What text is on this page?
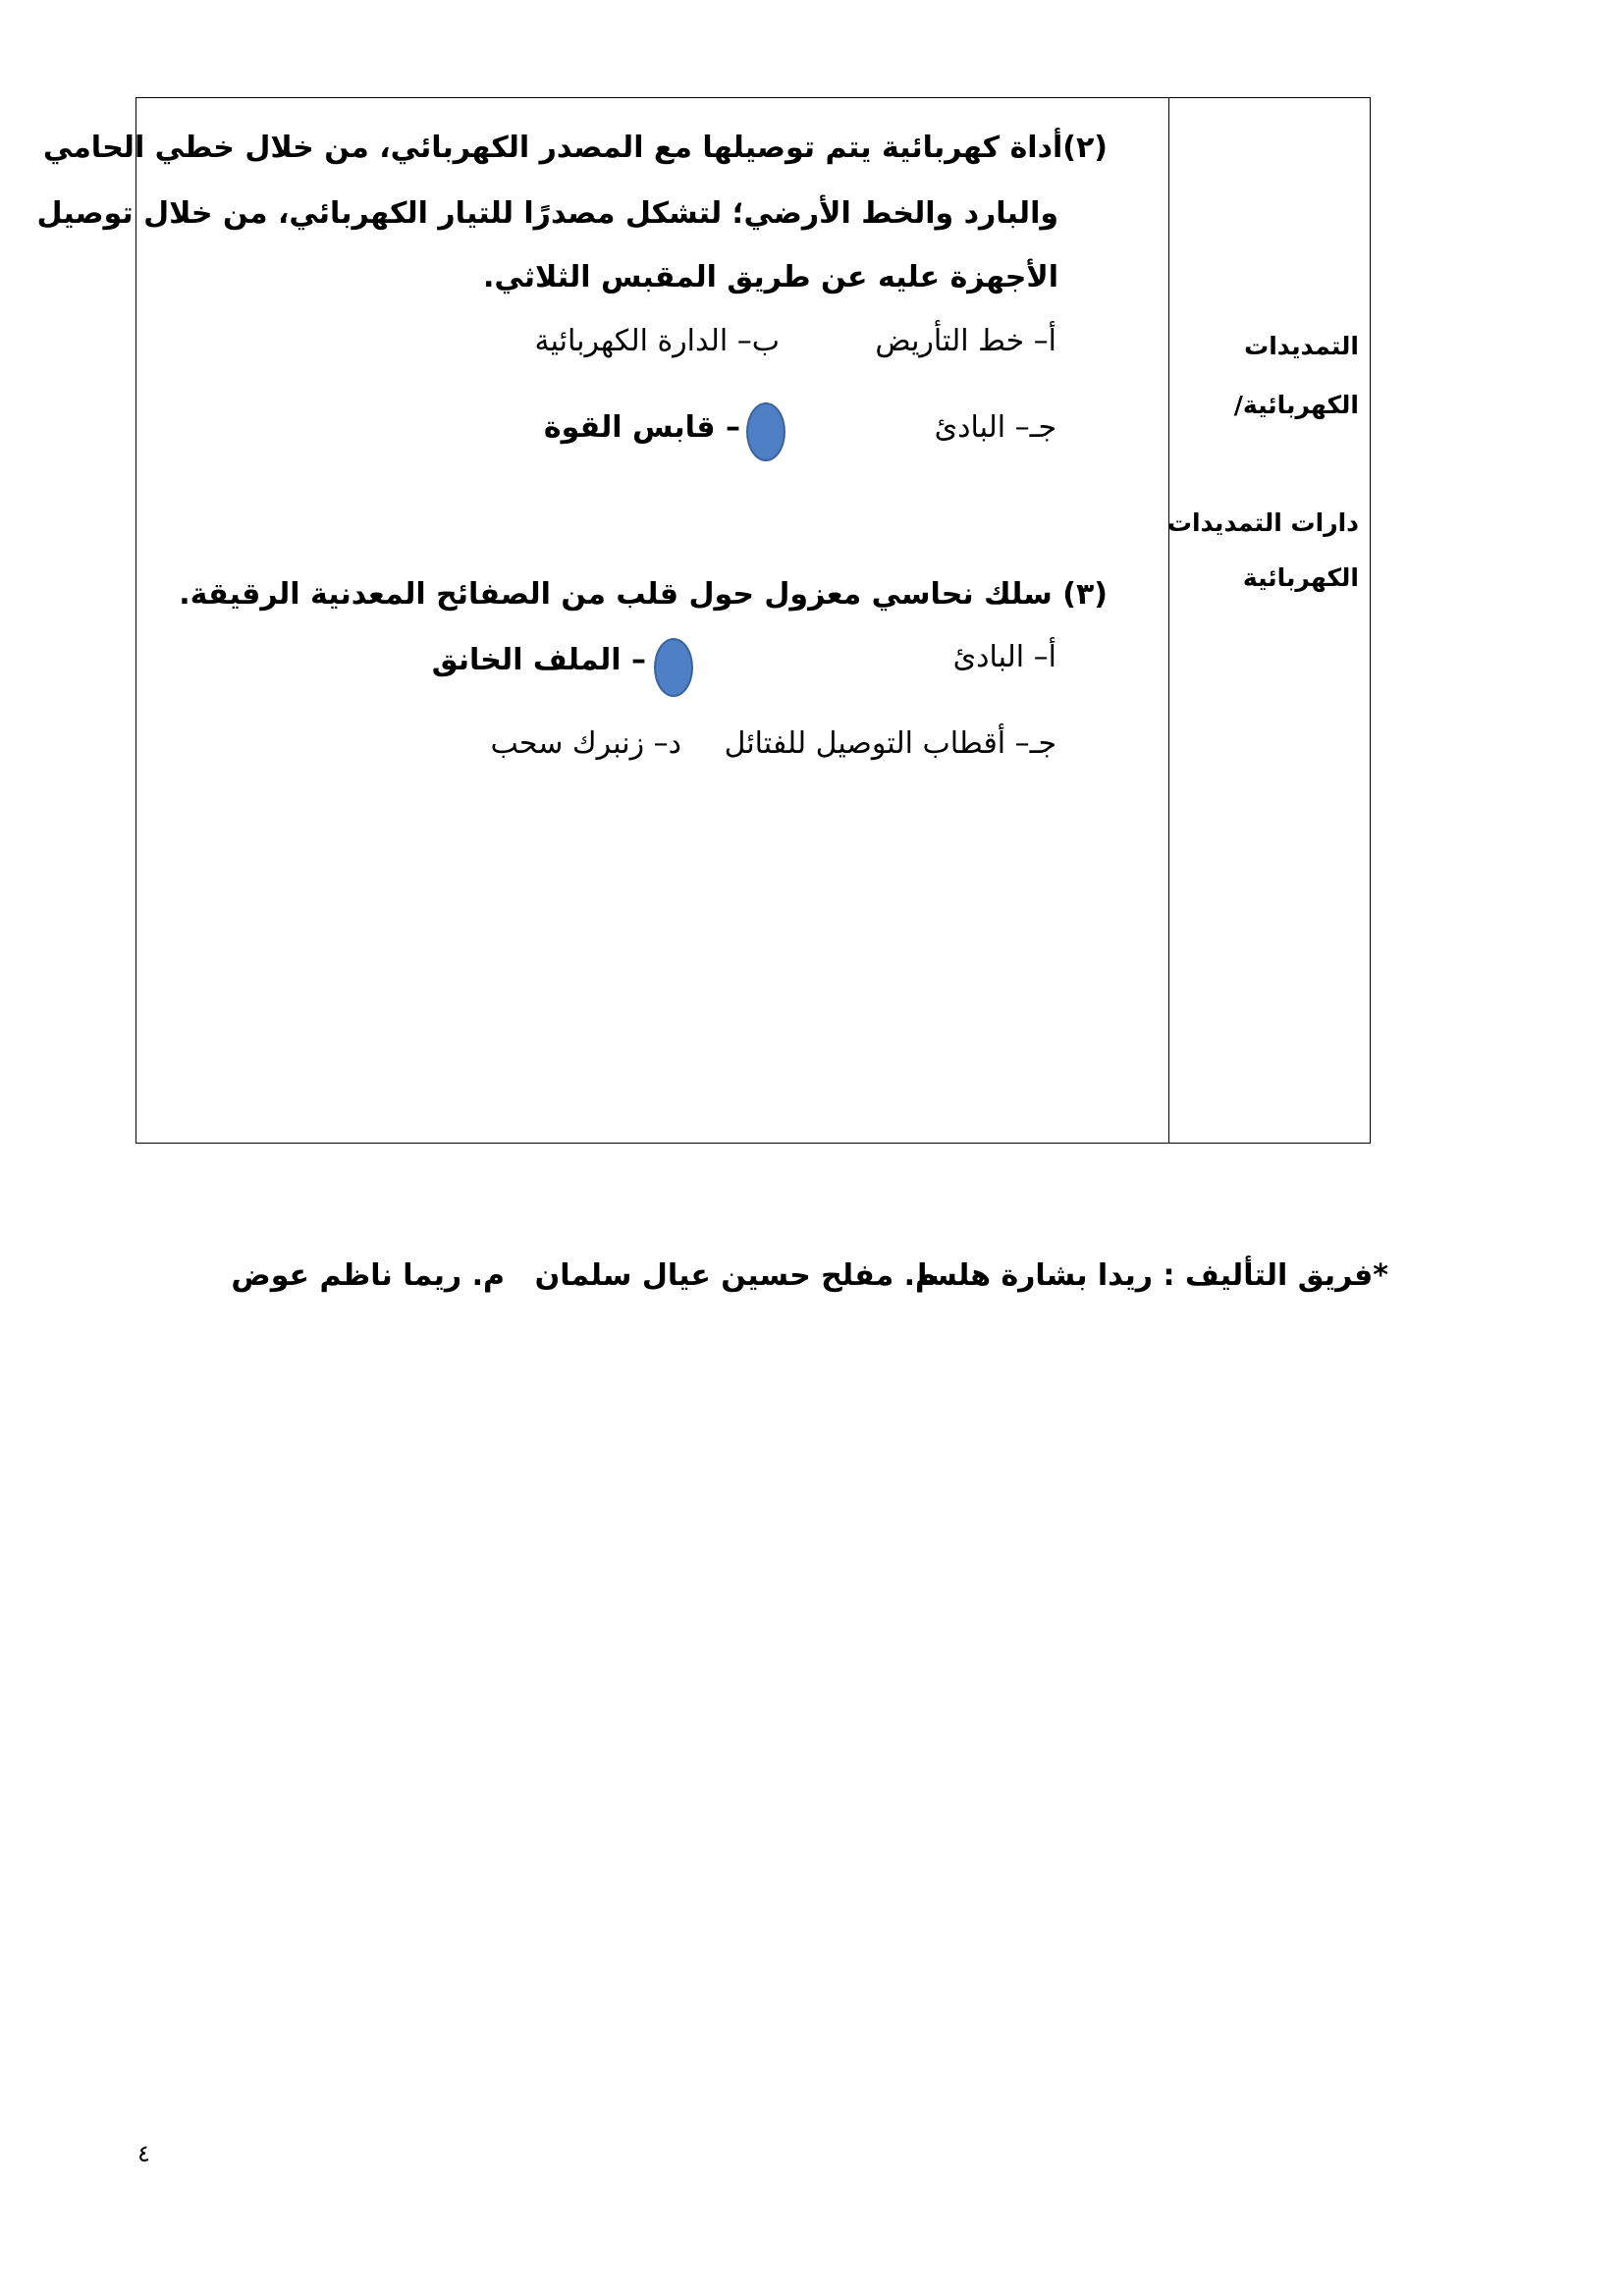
التمديدات
الكهربائية/
دارات التمديدات
الكهربائية
(٢)أداة كهربائية يتم توصيلها مع المصدر الكهربائي، من خلال خطي الحامي
والبارد والخط الأرضي؛ لتشكل مصدرًا للتيار الكهربائي، من خلال توصيل
الأجهزة عليه عن طريق المقبس الثلاثي.
أ– خط التأريض
ب– الدارة الكهربائية
جـ– البادئ
– قابس القوة
(٣) سلك نحاسي معزول حول قلب من الصفائح المعدنية الرقيقة.
أ– البادئ
– الملف الخانق
جـ– أقطاب التوصيل للفتائل
د– زنبرك سحب
*فريق التأليف : ريدا بشارة هلسا
م. مفلح حسين عيال سلمان
م. ريما ناظم عوض
٤
